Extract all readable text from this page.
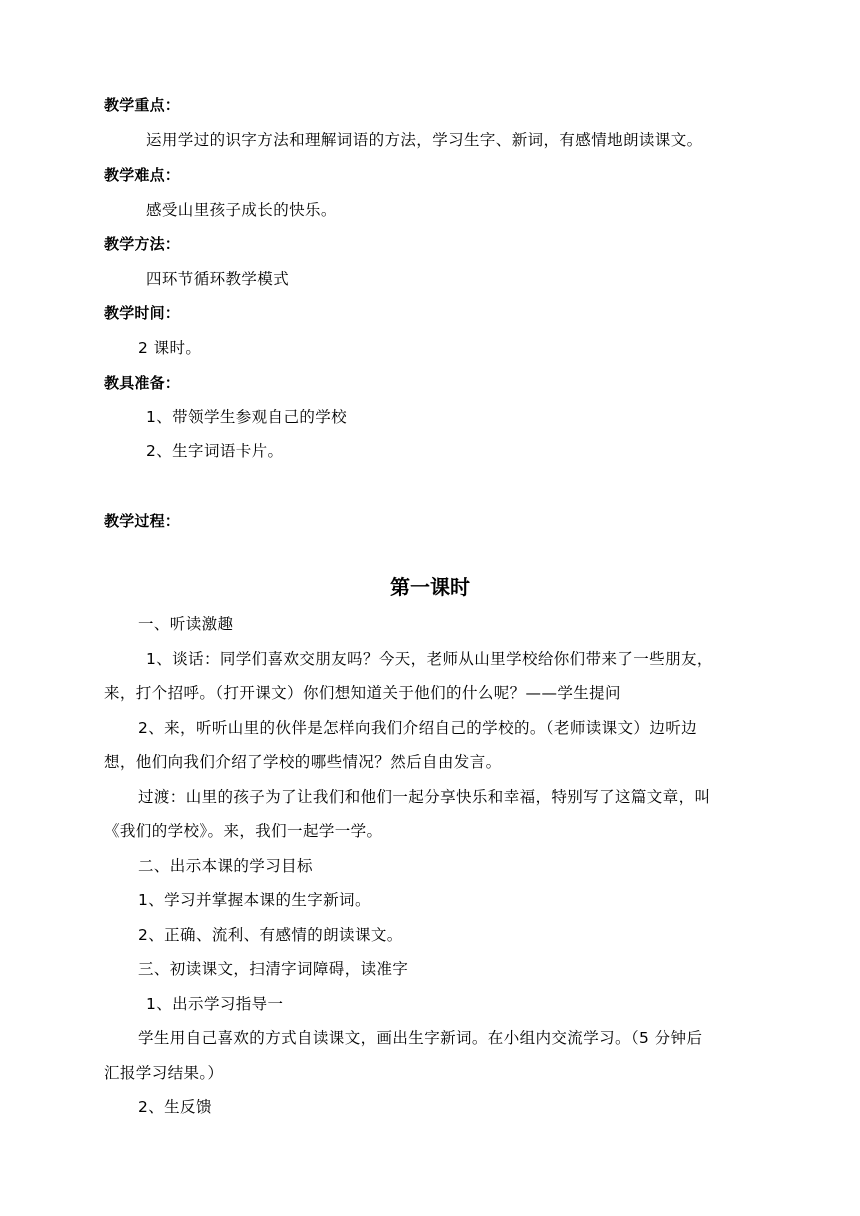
教学重点：
运用学过的识字方法和理解词语的方法，学习生字、新词，有感情地朗读课文。
教学难点：
感受山里孩子成长的快乐。
教学方法：
四环节循环教学模式
教学时间：
2 课时。
教具准备：
1、带领学生参观自己的学校
2、生字词语卡片。
教学过程：
第一课时
一、听读激趣
1、谈话：同学们喜欢交朋友吗？今天，老师从山里学校给你们带来了一些朋友，
来，打个招呼。（打开课文）你们想知道关于他们的什么呢？——学生提问
2、来，听听山里的伙伴是怎样向我们介绍自己的学校的。（老师读课文）边听边
想，他们向我们介绍了学校的哪些情况？然后自由发言。
过渡：山里的孩子为了让我们和他们一起分享快乐和幸福，特别写了这篇文章，叫
《我们的学校》。来，我们一起学一学。
二、出示本课的学习目标
1、学习并掌握本课的生字新词。
2、正确、流利、有感情的朗读课文。
三、初读课文，扫清字词障碍，读准字
1、出示学习指导一
学生用自己喜欢的方式自读课文，画出生字新词。在小组内交流学习。（5 分钟后
汇报学习结果。）
2、生反馈
